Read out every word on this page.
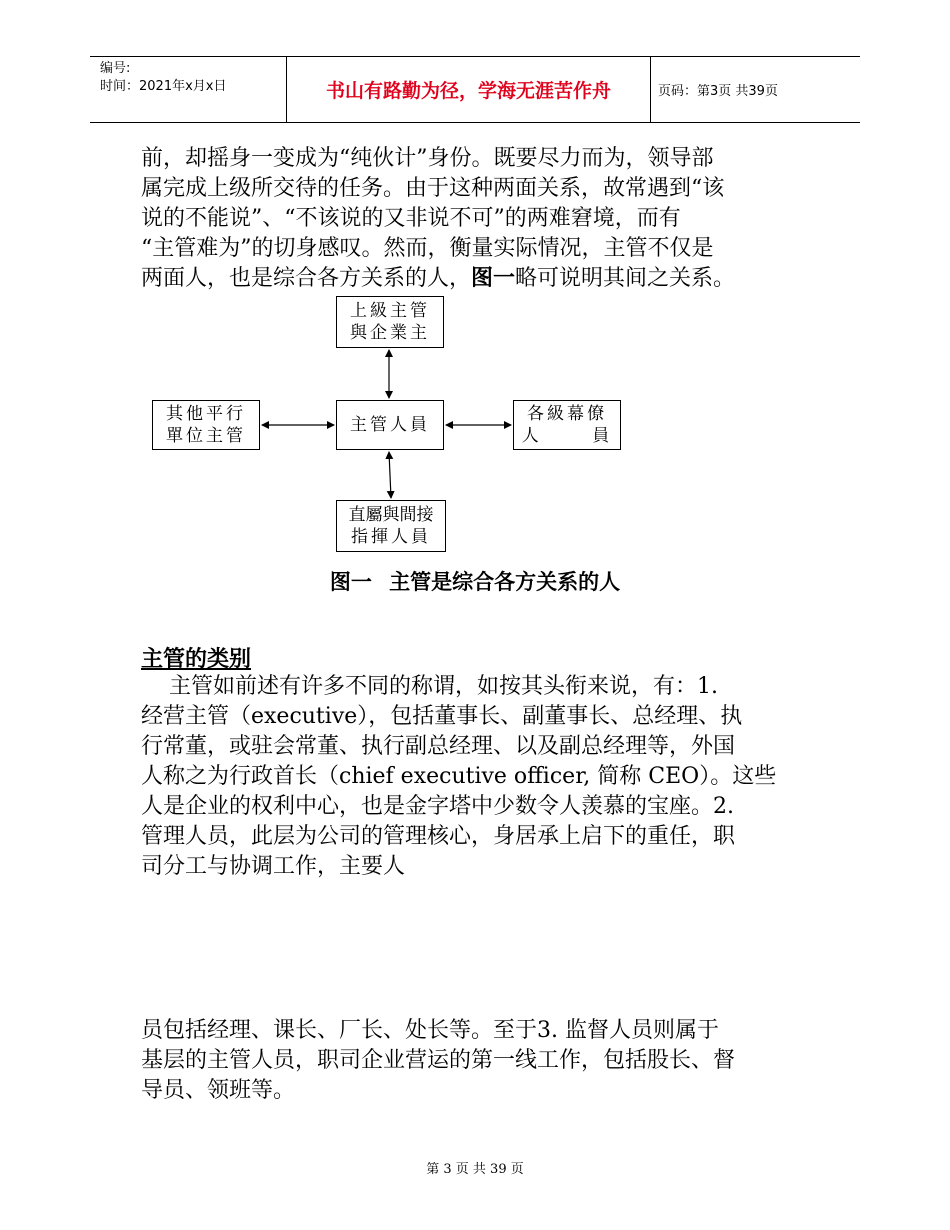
编号:
时间：2021年x月x日	书山有路勤为径，学海无涯苦作舟	页码：第3页 共39页
前，却摇身一变成为“纯伙计”身份。既要尽力而为，领导部
属完成上级所交待的任务。由于这种两面关系，故常遇到“该
说的不能说”、“不该说的又非说不可”的两难窘境，而有
“主管难为”的切身感叹。然而，衡量实际情况，主管不仅是
两面人，也是综合各方关系的人，图一略可说明其间之关系。
上級主管
與企業主
主管人員
其他平行
單位主管
各級幕僚
人      員
直屬與間接
指揮人員
图一 主管是综合各方关系的人
主管的类别
主管如前述有许多不同的称谓，如按其头衔来说，有：1.
经营主管（executive），包括董事长、副董事长、总经理、执
行常董，或驻会常董、执行副总经理、以及副总经理等，外国
人称之为行政首长（chief executive officer, 简称 CEO）。这些
人是企业的权利中心，也是金字塔中少数令人羡慕的宝座。2.
管理人员，此层为公司的管理核心，身居承上启下的重任，职
司分工与协调工作，主要人
员包括经理、课长、厂长、处长等。至于3. 监督人员则属于
基层的主管人员，职司企业营运的第一线工作，包括股长、督
导员、领班等。
第 3 页 共 39 页
